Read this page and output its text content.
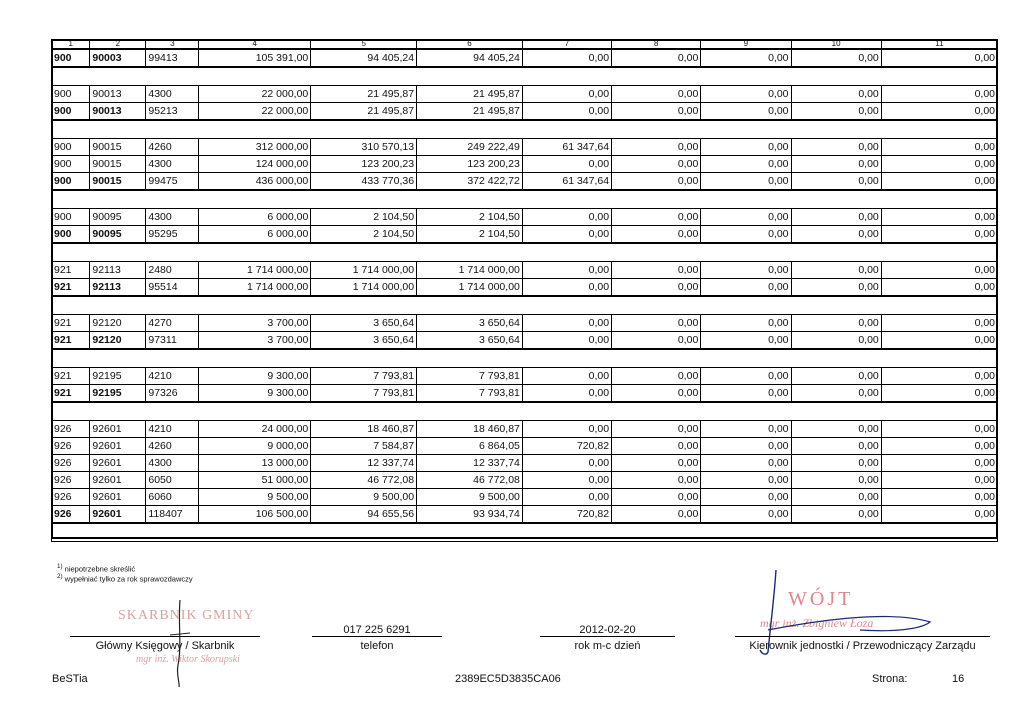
1	2	3	4	5	6	7	8	9	10	11
900	90003	99413	105 391,00	94 405,24	94 405,24	0,00	0,00	0,00	0,00	0,00

900	90013	4300	22 000,00	21 495,87	21 495,87	0,00	0,00	0,00	0,00	0,00
900	90013	95213	22 000,00	21 495,87	21 495,87	0,00	0,00	0,00	0,00	0,00

900	90015	4260	312 000,00	310 570,13	249 222,49	61 347,64	0,00	0,00	0,00	0,00
900	90015	4300	124 000,00	123 200,23	123 200,23	0,00	0,00	0,00	0,00	0,00
900	90015	99475	436 000,00	433 770,36	372 422,72	61 347,64	0,00	0,00	0,00	0,00

900	90095	4300	6 000,00	2 104,50	2 104,50	0,00	0,00	0,00	0,00	0,00
900	90095	95295	6 000,00	2 104,50	2 104,50	0,00	0,00	0,00	0,00	0,00

921	92113	2480	1 714 000,00	1 714 000,00	1 714 000,00	0,00	0,00	0,00	0,00	0,00
921	92113	95514	1 714 000,00	1 714 000,00	1 714 000,00	0,00	0,00	0,00	0,00	0,00

921	92120	4270	3 700,00	3 650,64	3 650,64	0,00	0,00	0,00	0,00	0,00
921	92120	97311	3 700,00	3 650,64	3 650,64	0,00	0,00	0,00	0,00	0,00

921	92195	4210	9 300,00	7 793,81	7 793,81	0,00	0,00	0,00	0,00	0,00
921	92195	97326	9 300,00	7 793,81	7 793,81	0,00	0,00	0,00	0,00	0,00

926	92601	4210	24 000,00	18 460,87	18 460,87	0,00	0,00	0,00	0,00	0,00
926	92601	4260	9 000,00	7 584,87	6 864,05	720,82	0,00	0,00	0,00	0,00
926	92601	4300	13 000,00	12 337,74	12 337,74	0,00	0,00	0,00	0,00	0,00
926	92601	6050	51 000,00	46 772,08	46 772,08	0,00	0,00	0,00	0,00	0,00
926	92601	6060	9 500,00	9 500,00	9 500,00	0,00	0,00	0,00	0,00	0,00
926	92601	118407	106 500,00	94 655,56	93 934,74	720,82	0,00	0,00	0,00	0,00

$^{1)}$ niepotrzebne skreślić
$^{2)}$ wypełniać tylko za rok sprawozdawczy
SKARBNIK GMINY
mgr inż. Wiktor Skorupski
Główny Księgowy / Skarbnik
017 225 6291
telefon
2012-02-20
rok m-c dzień
WÓJT
mgr inż. Zbigniew Łoza
Kierownik jednostki / Przewodniczący Zarządu
BeSTia	2389EC5D3835CA06	Strona:	16
